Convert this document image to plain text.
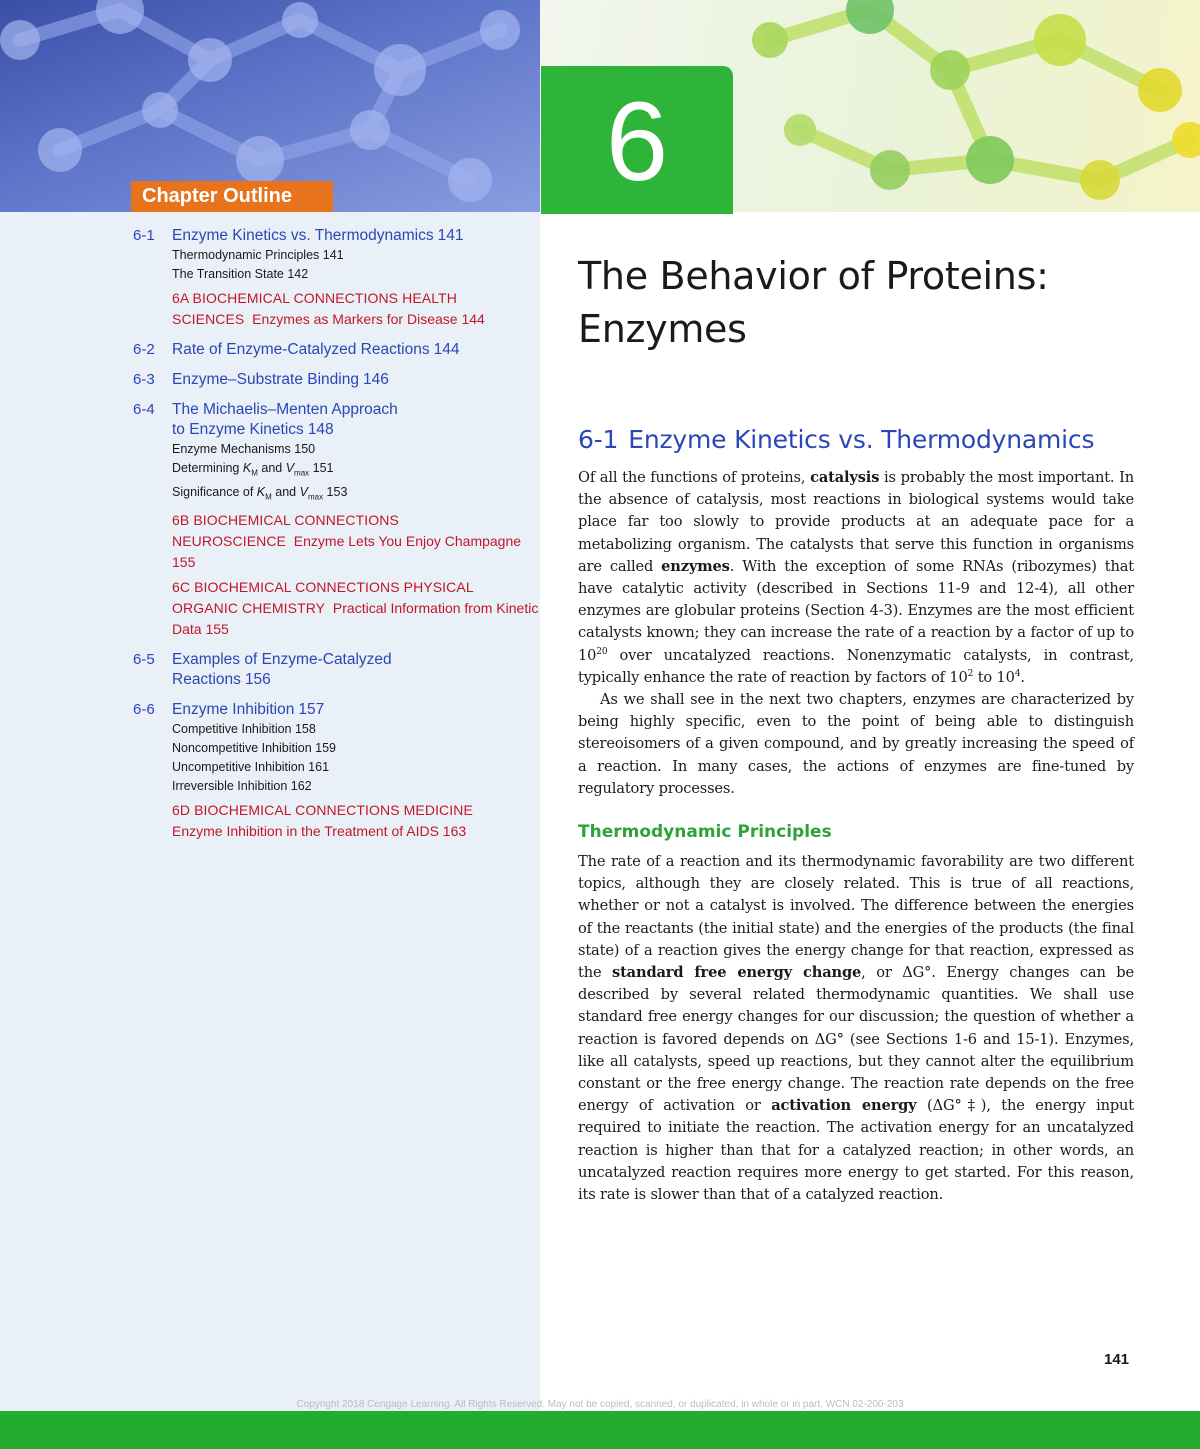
Chapter Outline
6-1 Enzyme Kinetics vs. Thermodynamics 141
Thermodynamic Principles 141
The Transition State 142
6A BIOCHEMICAL CONNECTIONS HEALTH SCIENCES Enzymes as Markers for Disease 144
6-2 Rate of Enzyme-Catalyzed Reactions 144
6-3 Enzyme–Substrate Binding 146
6-4 The Michaelis–Menten Approach
to Enzyme Kinetics 148
Enzyme Mechanisms 150
Determining $K_M$ and $V_{max}$ 151
Significance of $K_M$ and $V_{max}$ 153
6B BIOCHEMICAL CONNECTIONS NEUROSCIENCE Enzyme Lets You Enjoy Champagne 155
6C BIOCHEMICAL CONNECTIONS PHYSICAL ORGANIC CHEMISTRY Practical Information from Kinetic Data 155
6-5 Examples of Enzyme-Catalyzed
Reactions 156
6-6 Enzyme Inhibition 157
Competitive Inhibition 158
Noncompetitive Inhibition 159
Uncompetitive Inhibition 161
Irreversible Inhibition 162
6D BIOCHEMICAL CONNECTIONS MEDICINE
Enzyme Inhibition in the Treatment of AIDS 163
6
The Behavior of Proteins:
Enzymes
6-1 Enzyme Kinetics vs. Thermodynamics

Of all the functions of proteins, catalysis is probably the most important. In the absence of catalysis, most reactions in biological systems would take place far too slowly to provide products at an adequate pace for a metabolizing organism. The catalysts that serve this function in organisms are called enzymes. With the exception of some RNAs (ribozymes) that have catalytic activity (described in Sections 11-9 and 12-4), all other enzymes are globular proteins (Section 4-3). Enzymes are the most efficient catalysts known; they can increase the rate of a reaction by a factor of up to $10^{20}$ over uncatalyzed reactions. Nonenzymatic catalysts, in contrast, typically enhance the rate of reaction by factors of $10^2$ to $10^4$.

As we shall see in the next two chapters, enzymes are characterized by being highly specific, even to the point of being able to distinguish stereoisomers of a given compound, and by greatly increasing the speed of a reaction. In many cases, the actions of enzymes are fine-tuned by regulatory processes.

Thermodynamic Principles

The rate of a reaction and its thermodynamic favorability are two different topics, although they are closely related. This is true of all reactions, whether or not a catalyst is involved. The difference between the energies of the reactants (the initial state) and the energies of the products (the final state) of a reaction gives the energy change for that reaction, expressed as the standard free energy change, or ΔG°. Energy changes can be described by several related thermodynamic quantities. We shall use standard free energy changes for our discussion; the question of whether a reaction is favored depends on ΔG° (see Sections 1-6 and 15-1). Enzymes, like all catalysts, speed up reactions, but they cannot alter the equilibrium constant or the free energy change. The reaction rate depends on the free energy of activation or activation energy (ΔG°‡), the energy input required to initiate the reaction. The activation energy for an uncatalyzed reaction is higher than that for a catalyzed reaction; in other words, an uncatalyzed reaction requires more energy to get started. For this reason, its rate is slower than that of a catalyzed reaction.

141
Copyright 2018 Cengage Learning. All Rights Reserved. May not be copied, scanned, or duplicated, in whole or in part. WCN 02-200-203
